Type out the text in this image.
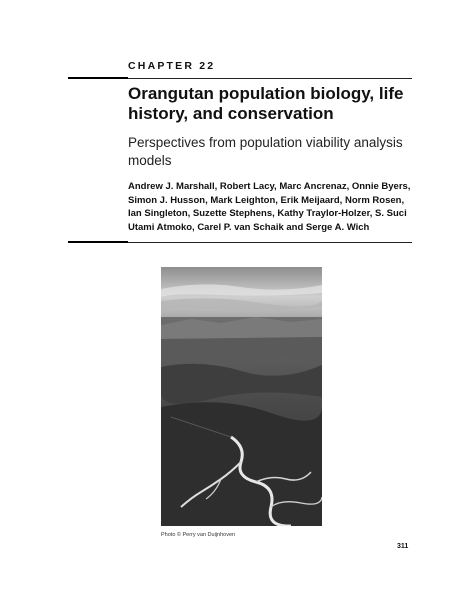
CHAPTER 22
Orangutan population biology, life history, and conservation
Perspectives from population viability analysis models
Andrew J. Marshall, Robert Lacy, Marc Ancrenaz, Onnie Byers, Simon J. Husson, Mark Leighton, Erik Meijaard, Norm Rosen, Ian Singleton, Suzette Stephens, Kathy Traylor-Holzer, S. Suci Utami Atmoko, Carel P. van Schaik and Serge A. Wich
Photo © Perry van Duijnhoven
311
